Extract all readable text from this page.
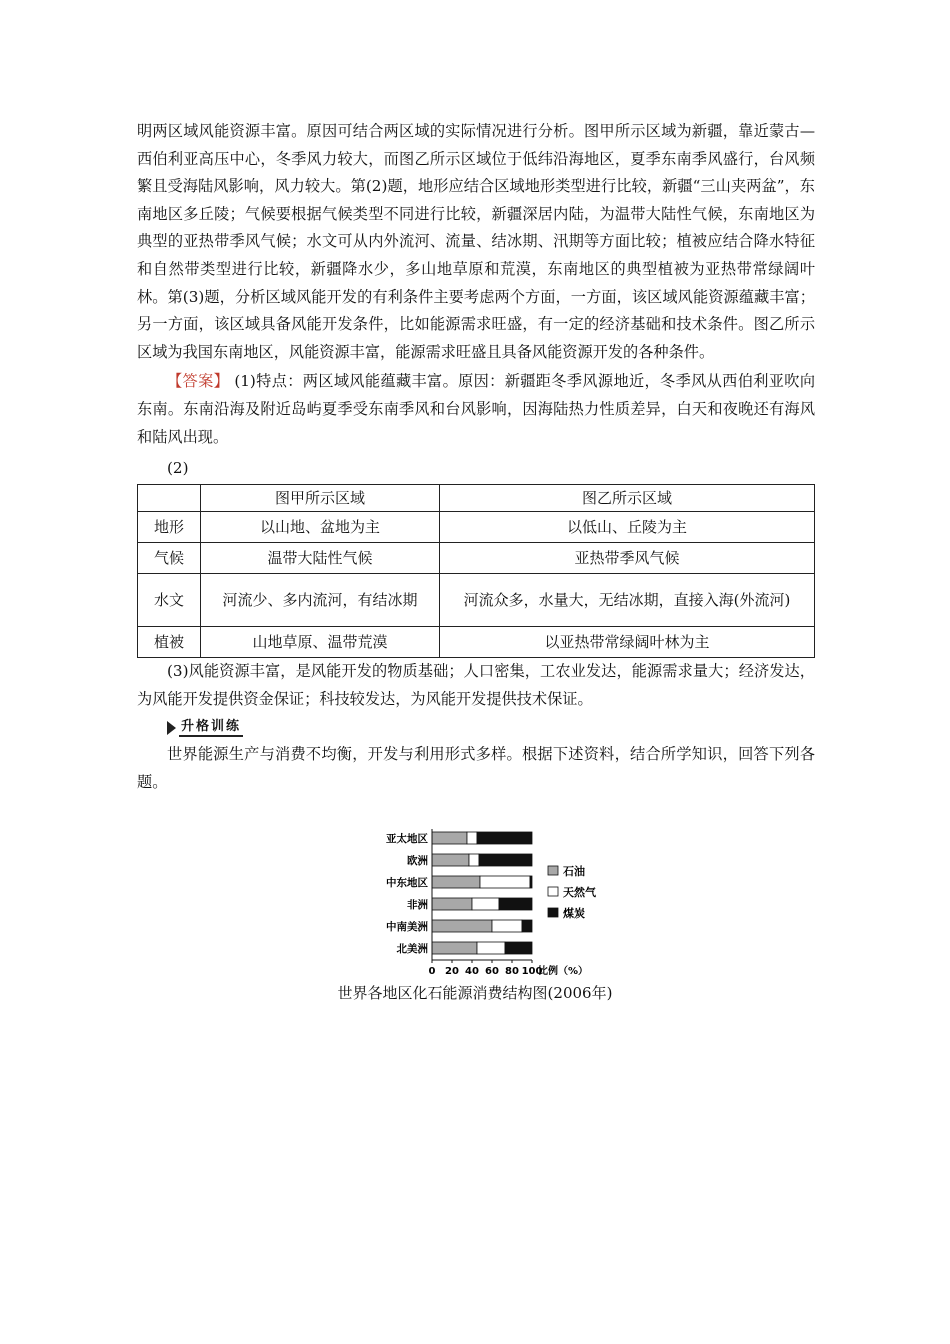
明两区域风能资源丰富。原因可结合两区域的实际情况进行分析。图甲所示区域为新疆，靠近蒙古—西伯利亚高压中心，冬季风力较大，而图乙所示区域位于低纬沿海地区，夏季东南季风盛行，台风频繁且受海陆风影响，风力较大。第(2)题，地形应结合区域地形类型进行比较，新疆“三山夹两盆”，东南地区多丘陵；气候要根据气候类型不同进行比较，新疆深居内陆，为温带大陆性气候，东南地区为典型的亚热带季风气候；水文可从内外流河、流量、结冰期、汛期等方面比较；植被应结合降水特征和自然带类型进行比较，新疆降水少，多山地草原和荒漠，东南地区的典型植被为亚热带常绿阔叶林。第(3)题，分析区域风能开发的有利条件主要考虑两个方面，一方面，该区域风能资源蕴藏丰富；另一方面，该区域具备风能开发条件，比如能源需求旺盛，有一定的经济基础和技术条件。图乙所示区域为我国东南地区，风能资源丰富，能源需求旺盛且具备风能资源开发的各种条件。

【答案】 (1)特点：两区域风能蕴藏丰富。原因：新疆距冬季风源地近，冬季风从西伯利亚吹向东南。东南沿海及附近岛屿夏季受东南季风和台风影响，因海陆热力性质差异，白天和夜晚还有海风和陆风出现。

(2)

	图甲所示区域	图乙所示区域
地形	以山地、盆地为主	以低山、丘陵为主
气候	温带大陆性气候	亚热带季风气候
水文	河流少、多内流河，有结冰期	河流众多，水量大，无结冰期，直接入海(外流河)
植被	山地草原、温带荒漠	以亚热带常绿阔叶林为主

(3)风能资源丰富，是风能开发的物质基础；人口密集，工农业发达，能源需求量大；经济发达，为风能开发提供资金保证；科技较发达，为风能开发提供技术保证。

升格训练

世界能源生产与消费不均衡，开发与利用形式多样。根据下述资料，结合所学知识，回答下列各题。

亚太地区
欧洲
中东地区
非洲
中南美洲
北美洲
0 20 40 60 80 100
比例（%）
石油
天然气
煤炭
世界各地区化石能源消费结构图(2006年)
